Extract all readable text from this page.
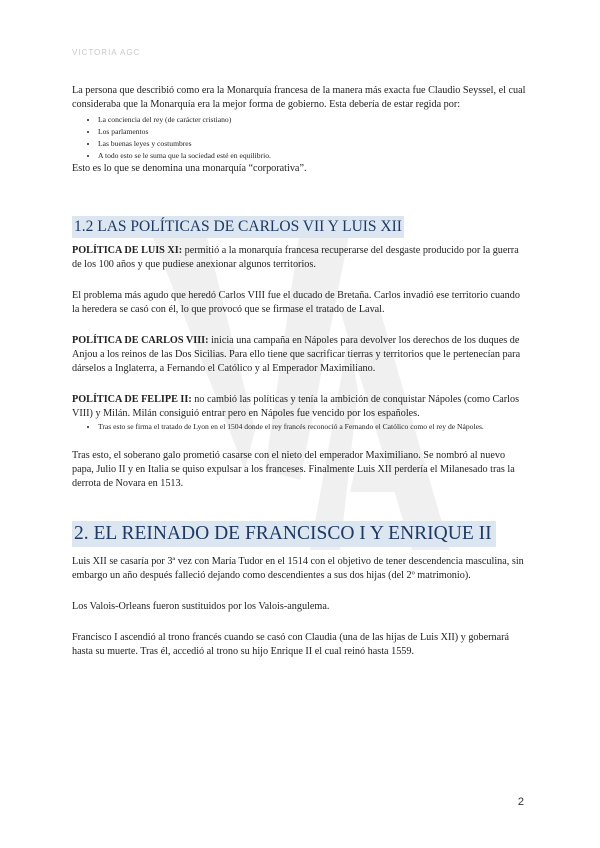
VICTORIA AGC

La persona que describió como era la Monarquía francesa de la manera más exacta fue Claudio Seyssel, el cual consideraba que la Monarquía era la mejor forma de gobierno. Esta debería de estar regida por:

• La conciencia del rey (de carácter cristiano)
• Los parlamentos
• Las buenas leyes y costumbres
• A todo esto se le suma que la sociedad esté en equilibrio.

Esto es lo que se denomina una monarquía “corporativa”.

1.2 LAS POLÍTICAS DE CARLOS VII Y LUIS XII

POLÍTICA DE LUIS XI: permitió a la monarquía francesa recuperarse del desgaste producido por la guerra de los 100 años y que pudiese anexionar algunos territorios.

El problema más agudo que heredó Carlos VIII fue el ducado de Bretaña. Carlos invadió ese territorio cuando la heredera se casó con él, lo que provocó que se firmase el tratado de Laval.

POLÍTICA DE CARLOS VIII: inicia una campaña en Nápoles para devolver los derechos de los duques de Anjou a los reinos de las Dos Sicilias. Para ello tiene que sacrificar tierras y territorios que le pertenecían para dárselos a Inglaterra, a Fernando el Católico y al Emperador Maximiliano.

POLÍTICA DE FELIPE II: no cambió las políticas y tenía la ambición de conquistar Nápoles (como Carlos VIII) y Milán. Milán consiguió entrar pero en Nápoles fue vencido por los españoles.

• Tras esto se firma el tratado de Lyon en el 1504 donde el rey francés reconoció a Fernando el Católico como el rey de Nápoles.

Tras esto, el soberano galo prometió casarse con el nieto del emperador Maximiliano. Se nombró al nuevo papa, Julio II y en Italia se quiso expulsar a los franceses. Finalmente Luis XII perdería el Milanesado tras la derrota de Novara en 1513.

2. EL REINADO DE FRANCISCO I Y ENRIQUE II

Luis XII se casaría por 3ª vez con María Tudor en el 1514 con el objetivo de tener descendencia masculina, sin embargo un año después falleció dejando como descendientes a sus dos hijas (del 2º matrimonio).

Los Valois-Orleans fueron sustituidos por los Valois-angulema.

Francisco I ascendió al trono francés cuando se casó con Claudia (una de las hijas de Luis XII) y gobernará hasta su muerte. Tras él, accedió al trono su hijo Enrique II el cual reinó hasta 1559.

2
